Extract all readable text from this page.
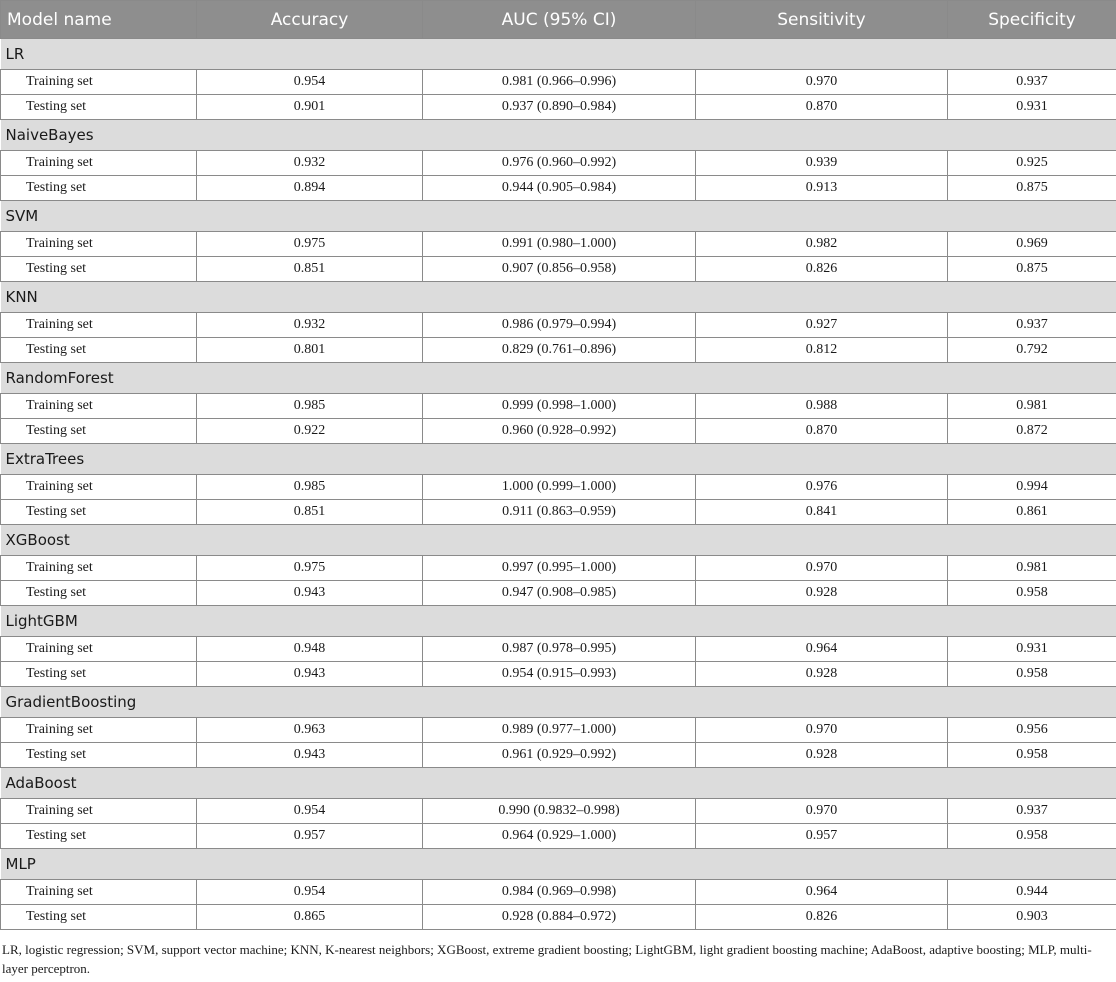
Model name	Accuracy	AUC (95% CI)	Sensitivity	Specificity
LR				
Training set	0.954	0.981 (0.966–0.996)	0.970	0.937
Testing set	0.901	0.937 (0.890–0.984)	0.870	0.931
NaiveBayes				
Training set	0.932	0.976 (0.960–0.992)	0.939	0.925
Testing set	0.894	0.944 (0.905–0.984)	0.913	0.875
SVM				
Training set	0.975	0.991 (0.980–1.000)	0.982	0.969
Testing set	0.851	0.907 (0.856–0.958)	0.826	0.875
KNN				
Training set	0.932	0.986 (0.979–0.994)	0.927	0.937
Testing set	0.801	0.829 (0.761–0.896)	0.812	0.792
RandomForest				
Training set	0.985	0.999 (0.998–1.000)	0.988	0.981
Testing set	0.922	0.960 (0.928–0.992)	0.870	0.872
ExtraTrees				
Training set	0.985	1.000 (0.999–1.000)	0.976	0.994
Testing set	0.851	0.911 (0.863–0.959)	0.841	0.861
XGBoost				
Training set	0.975	0.997 (0.995–1.000)	0.970	0.981
Testing set	0.943	0.947 (0.908–0.985)	0.928	0.958
LightGBM				
Training set	0.948	0.987 (0.978–0.995)	0.964	0.931
Testing set	0.943	0.954 (0.915–0.993)	0.928	0.958
GradientBoosting				
Training set	0.963	0.989 (0.977–1.000)	0.970	0.956
Testing set	0.943	0.961 (0.929–0.992)	0.928	0.958
AdaBoost				
Training set	0.954	0.990 (0.9832–0.998)	0.970	0.937
Testing set	0.957	0.964 (0.929–1.000)	0.957	0.958
MLP				
Training set	0.954	0.984 (0.969–0.998)	0.964	0.944
Testing set	0.865	0.928 (0.884–0.972)	0.826	0.903
LR, logistic regression; SVM, support vector machine; KNN, K-nearest neighbors; XGBoost, extreme gradient boosting; LightGBM, light gradient boosting machine; AdaBoost, adaptive boosting; MLP, multi-layer perceptron.
